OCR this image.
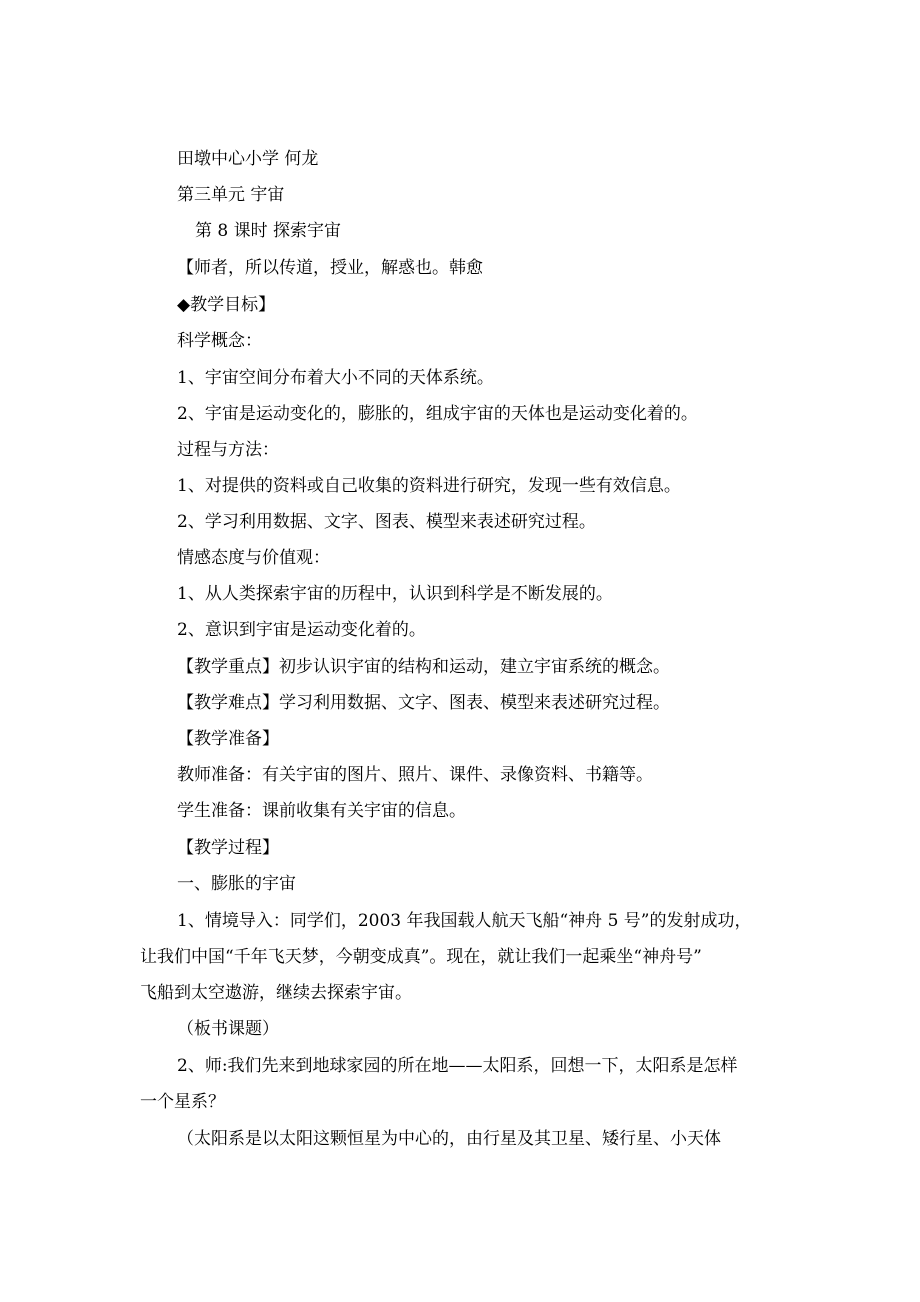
田墩中心小学 何龙
第三单元 宇宙
第 8 课时 探索宇宙
【师者，所以传道，授业，解惑也。韩愈
◆教学目标】
科学概念：
1、宇宙空间分布着大小不同的天体系统。
2、宇宙是运动变化的，膨胀的，组成宇宙的天体也是运动变化着的。
过程与方法：
1、对提供的资料或自己收集的资料进行研究，发现一些有效信息。
2、学习利用数据、文字、图表、模型来表述研究过程。
情感态度与价值观：
1、从人类探索宇宙的历程中，认识到科学是不断发展的。
2、意识到宇宙是运动变化着的。
【教学重点】初步认识宇宙的结构和运动，建立宇宙系统的概念。
【教学难点】学习利用数据、文字、图表、模型来表述研究过程。
【教学准备】
教师准备：有关宇宙的图片、照片、课件、录像资料、书籍等。
学生准备：课前收集有关宇宙的信息。
【教学过程】
一、膨胀的宇宙
1、情境导入：同学们，2003 年我国载人航天飞船“神舟 5 号”的发射成功，
让我们中国“千年飞天梦，今朝变成真”。现在，就让我们一起乘坐“神舟号”
飞船到太空遨游，继续去探索宇宙。
（板书课题）
2、师:我们先来到地球家园的所在地——太阳系，回想一下，太阳系是怎样
一个星系？
（太阳系是以太阳这颗恒星为中心的，由行星及其卫星、矮行星、小天体
